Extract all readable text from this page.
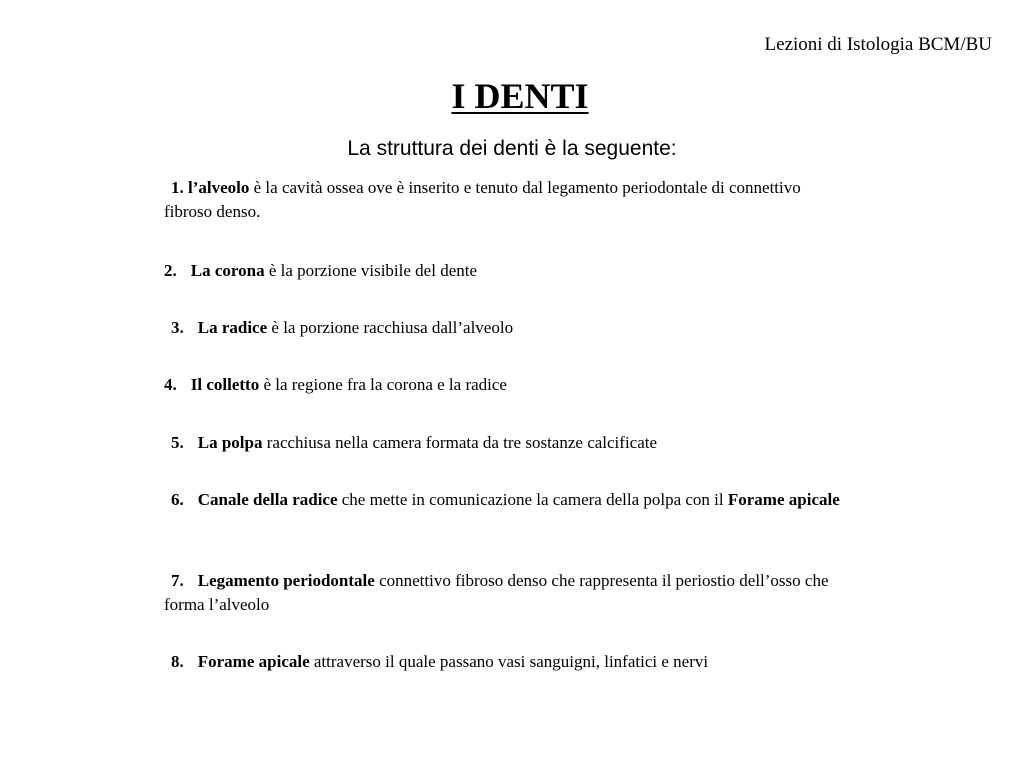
Lezioni di Istologia BCM/BU
I DENTI
La struttura dei denti è la seguente:
1. l’alveolo è la cavità ossea ove è inserito e tenuto dal legamento periodontale di connettivo fibroso denso.
2. La corona è la porzione visibile del dente
3. La radice è la porzione racchiusa dall’alveolo
4. Il colletto è la regione fra la corona e la radice
5. La polpa racchiusa nella camera formata da tre sostanze calcificate
6. Canale della radice che mette in comunicazione la camera della polpa con il Forame apicale
7. Legamento periodontale connettivo fibroso denso che rappresenta il periostio dell’osso che forma l’alveolo
8. Forame apicale attraverso il quale passano vasi sanguigni, linfatici e nervi
